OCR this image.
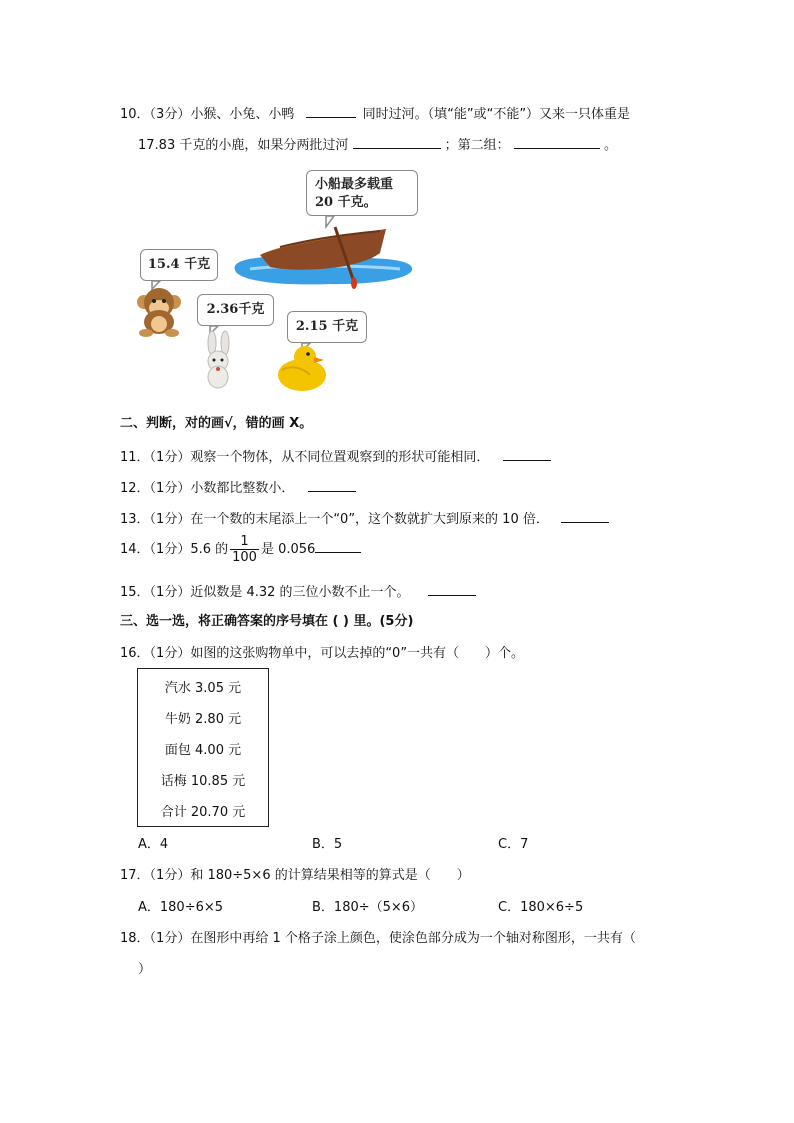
10．（3分）小猴、小兔、小鸭	同时过河。（填“能”或“不能”）又来一只体重是
17.83 千克的小鹿，如果分两批过河	；第二组：	。
小船最多载重
20 千克。
15.4 千克
2.36千克
2.15 千克
二、判断，对的画√，错的画 X。
11．（1分）观察一个物体，从不同位置观察到的形状可能相同．
12．（1分）小数都比整数小．
13．（1分）在一个数的末尾添上一个“0”，这个数就扩大到原来的 10 倍．
14．（1分）5.6 的 $\frac{1}{100}$ 是 0.056
15．（1分）近似数是 4.32 的三位小数不止一个。
三、选一选，将正确答案的序号填在 ( ) 里。(5分)
16．（1分）如图的这张购物单中，可以去掉的“0”一共有（　　）个。
汽水 3.05 元
牛奶 2.80 元
面包 4.00 元
话梅 10.85 元
合计 20.70 元
A．4	B．5	C．7
17．（1分）和 180÷5×6 的计算结果相等的算式是（　　）
A．180÷6×5	B．180÷（5×6）	C．180×6÷5
18．（1分）在图形中再给 1 个格子涂上颜色，使涂色部分成为一个轴对称图形，一共有（
）
